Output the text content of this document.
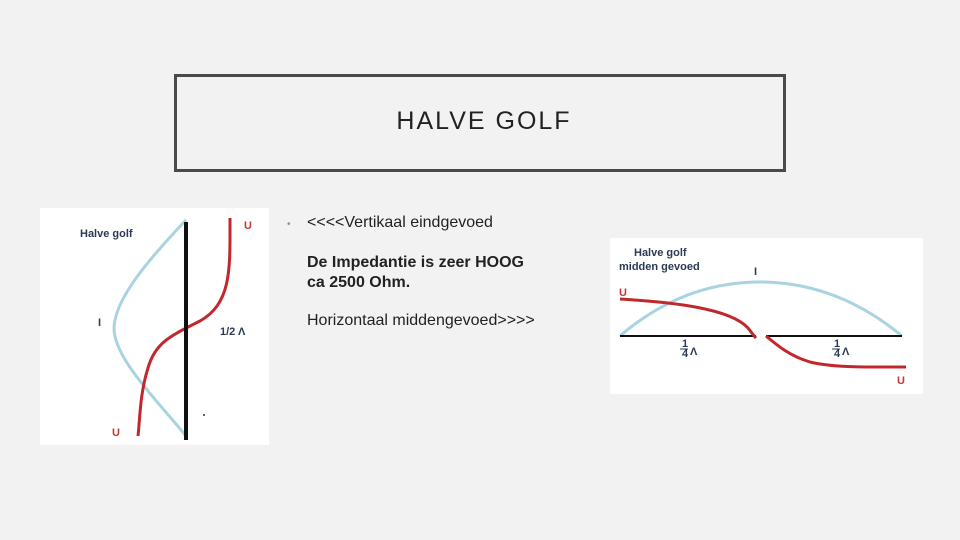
HALVE GOLF
Halve golf
U
I
1/2 Λ
U
•	<<<<Vertikaal eindgevoed
De Impedantie is zeer HOOG
ca 2500 Ohm.
Horizontaal middengevoed>>>>
Halve golf
midden gevoed	I
U
U
1
4 Λ
1
4 Λ
